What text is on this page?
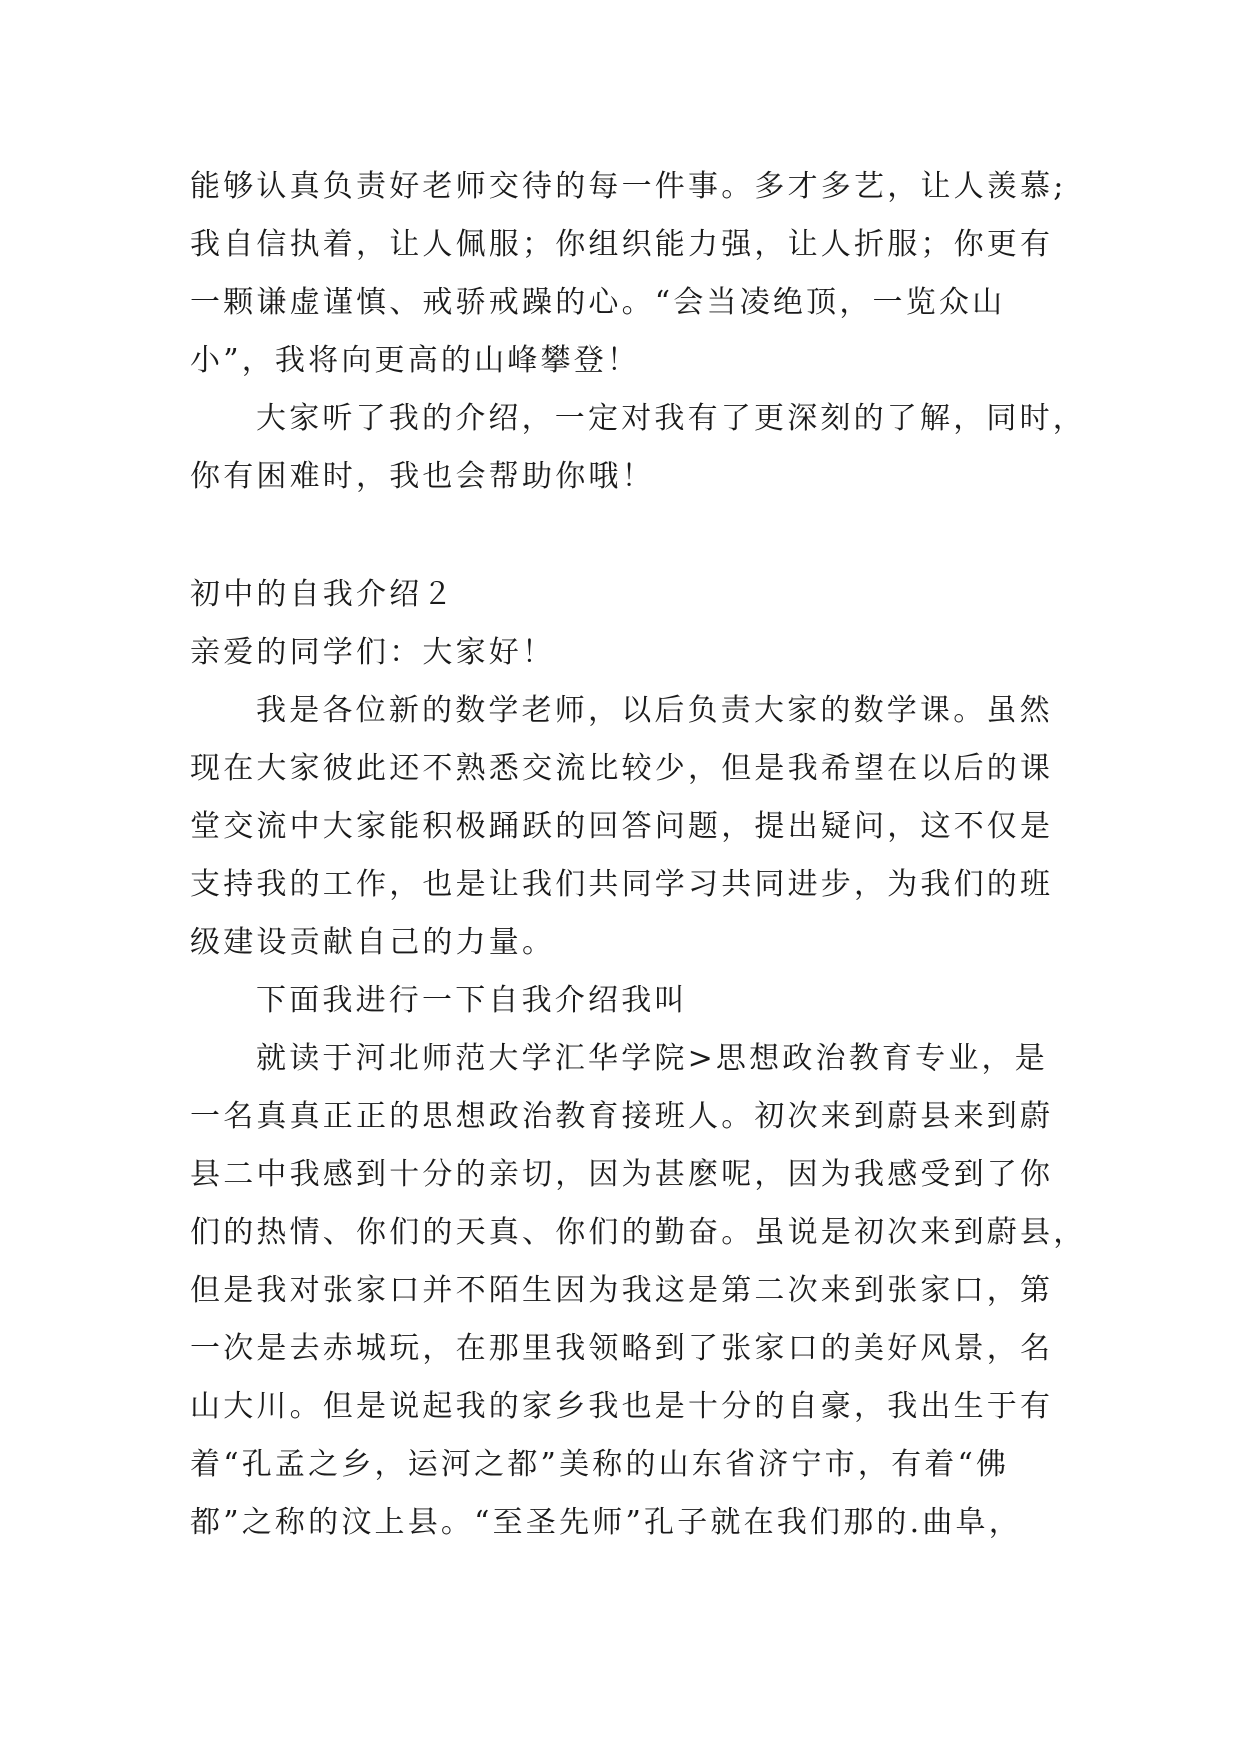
能够认真负责好老师交待的每一件事。多才多艺，让人羡慕;
我自信执着，让人佩服；你组织能力强，让人折服；你更有
一颗谦虚谨慎、戒骄戒躁的心。“会当凌绝顶，一览众山
小”，我将向更高的山峰攀登！
大家听了我的介绍，一定对我有了更深刻的了解，同时，
你有困难时，我也会帮助你哦！
初中的自我介绍２
亲爱的同学们：大家好！
我是各位新的数学老师，以后负责大家的数学课。虽然
现在大家彼此还不熟悉交流比较少，但是我希望在以后的课
堂交流中大家能积极踊跃的回答问题，提出疑问，这不仅是
支持我的工作，也是让我们共同学习共同进步，为我们的班
级建设贡献自己的力量。
下面我进行一下自我介绍我叫
就读于河北师范大学汇华学院>思想政治教育专业，是
一名真真正正的思想政治教育接班人。初次来到蔚县来到蔚
县二中我感到十分的亲切，因为甚麽呢，因为我感受到了你
们的热情、你们的天真、你们的勤奋。虽说是初次来到蔚县，
但是我对张家口并不陌生因为我这是第二次来到张家口，第
一次是去赤城玩，在那里我领略到了张家口的美好风景，名
山大川。但是说起我的家乡我也是十分的自豪，我出生于有
着“孔孟之乡，运河之都”美称的山东省济宁市，有着“佛
都”之称的汶上县。“至圣先师”孔子就在我们那的.曲阜，
